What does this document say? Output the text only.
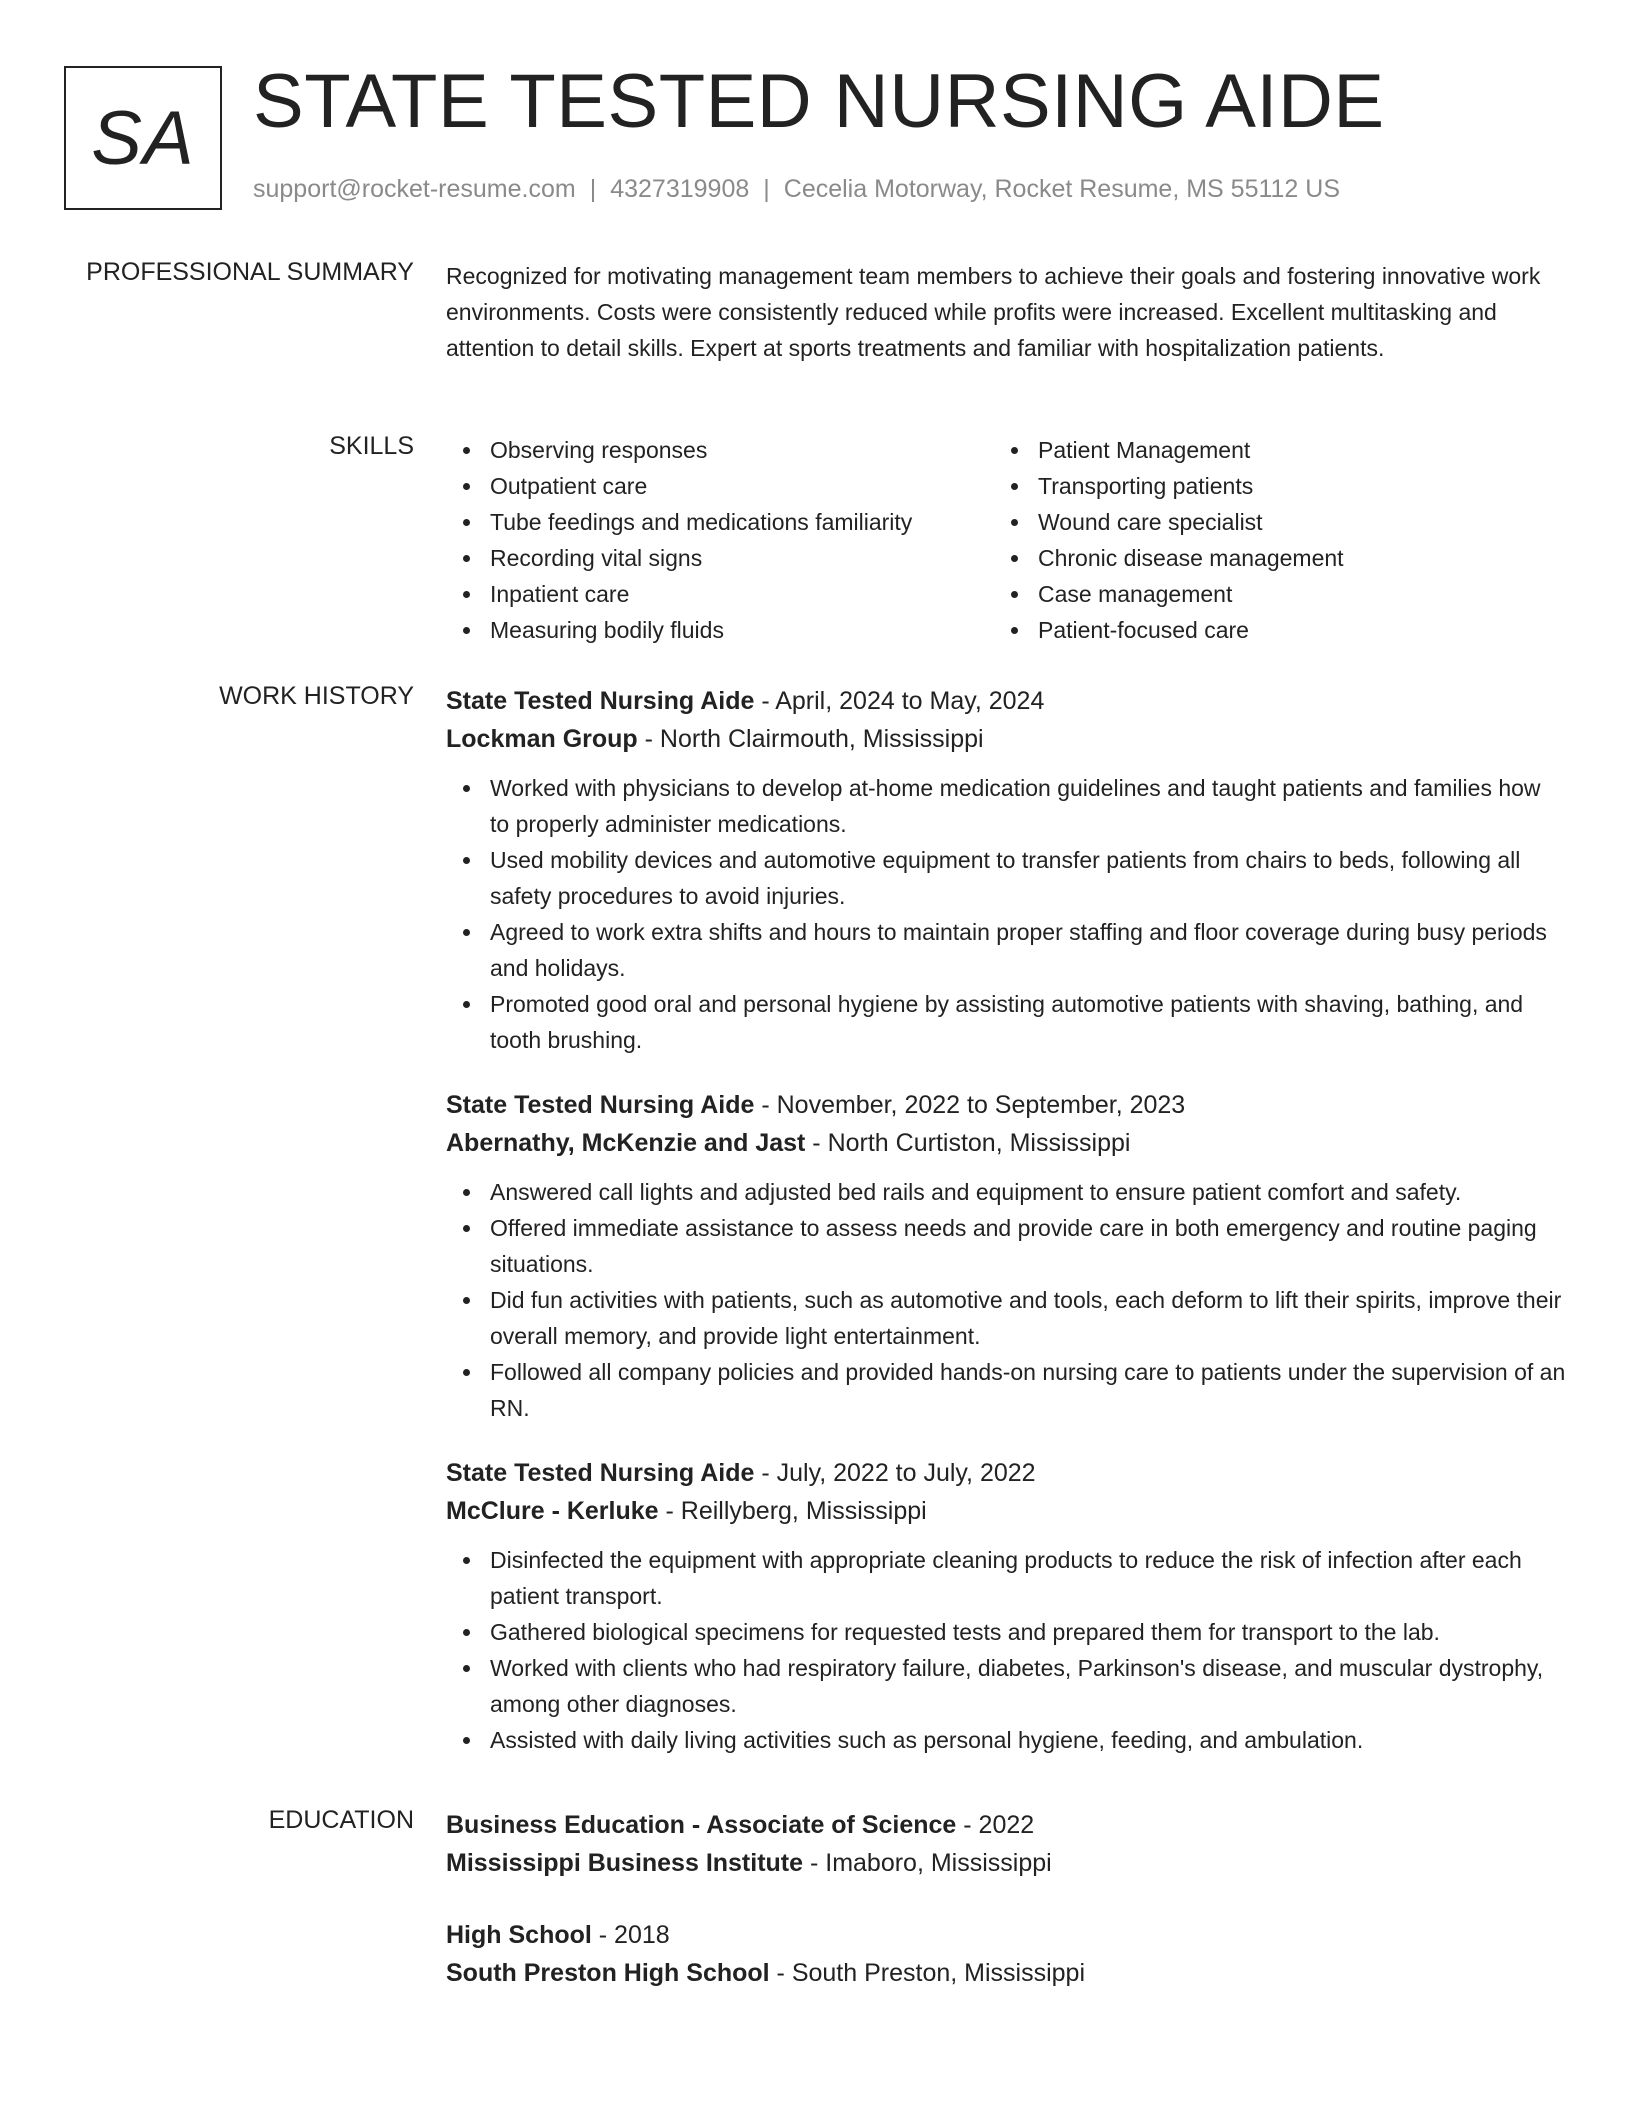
SA STATE TESTED NURSING AIDE
support@rocket-resume.com | 4327319908 | Cecelia Motorway, Rocket Resume, MS 55112 US
PROFESSIONAL SUMMARY Recognized for motivating management team members to achieve their goals and fostering innovative work environments. Costs were consistently reduced while profits were increased. Excellent multitasking and attention to detail skills. Expert at sports treatments and familiar with hospitalization patients.
SKILLS	Observing responses
Outpatient care
Tube feedings and medications familiarity
Recording vital signs
Inpatient care
Measuring bodily fluids
Patient Management
Transporting patients
Wound care specialist
Chronic disease management
Case management
Patient-focused care
WORK HISTORY State Tested Nursing Aide - April, 2024 to May, 2024
Lockman Group - North Clairmouth, Mississippi
Worked with physicians to develop at-home medication guidelines and taught patients and families how to properly administer medications.
Used mobility devices and automotive equipment to transfer patients from chairs to beds, following all safety procedures to avoid injuries.
Agreed to work extra shifts and hours to maintain proper staffing and floor coverage during busy periods and holidays.
Promoted good oral and personal hygiene by assisting automotive patients with shaving, bathing, and tooth brushing.
State Tested Nursing Aide - November, 2022 to September, 2023
Abernathy, McKenzie and Jast - North Curtiston, Mississippi
Answered call lights and adjusted bed rails and equipment to ensure patient comfort and safety.
Offered immediate assistance to assess needs and provide care in both emergency and routine paging situations.
Did fun activities with patients, such as automotive and tools, each deform to lift their spirits, improve their overall memory, and provide light entertainment.
Followed all company policies and provided hands-on nursing care to patients under the supervision of an RN.
State Tested Nursing Aide - July, 2022 to July, 2022
McClure - Kerluke - Reillyberg, Mississippi
Disinfected the equipment with appropriate cleaning products to reduce the risk of infection after each patient transport.
Gathered biological specimens for requested tests and prepared them for transport to the lab.
Worked with clients who had respiratory failure, diabetes, Parkinson's disease, and muscular dystrophy, among other diagnoses.
Assisted with daily living activities such as personal hygiene, feeding, and ambulation.
EDUCATION Business Education - Associate of Science - 2022
Mississippi Business Institute - Imaboro, Mississippi
High School - 2018
South Preston High School - South Preston, Mississippi
